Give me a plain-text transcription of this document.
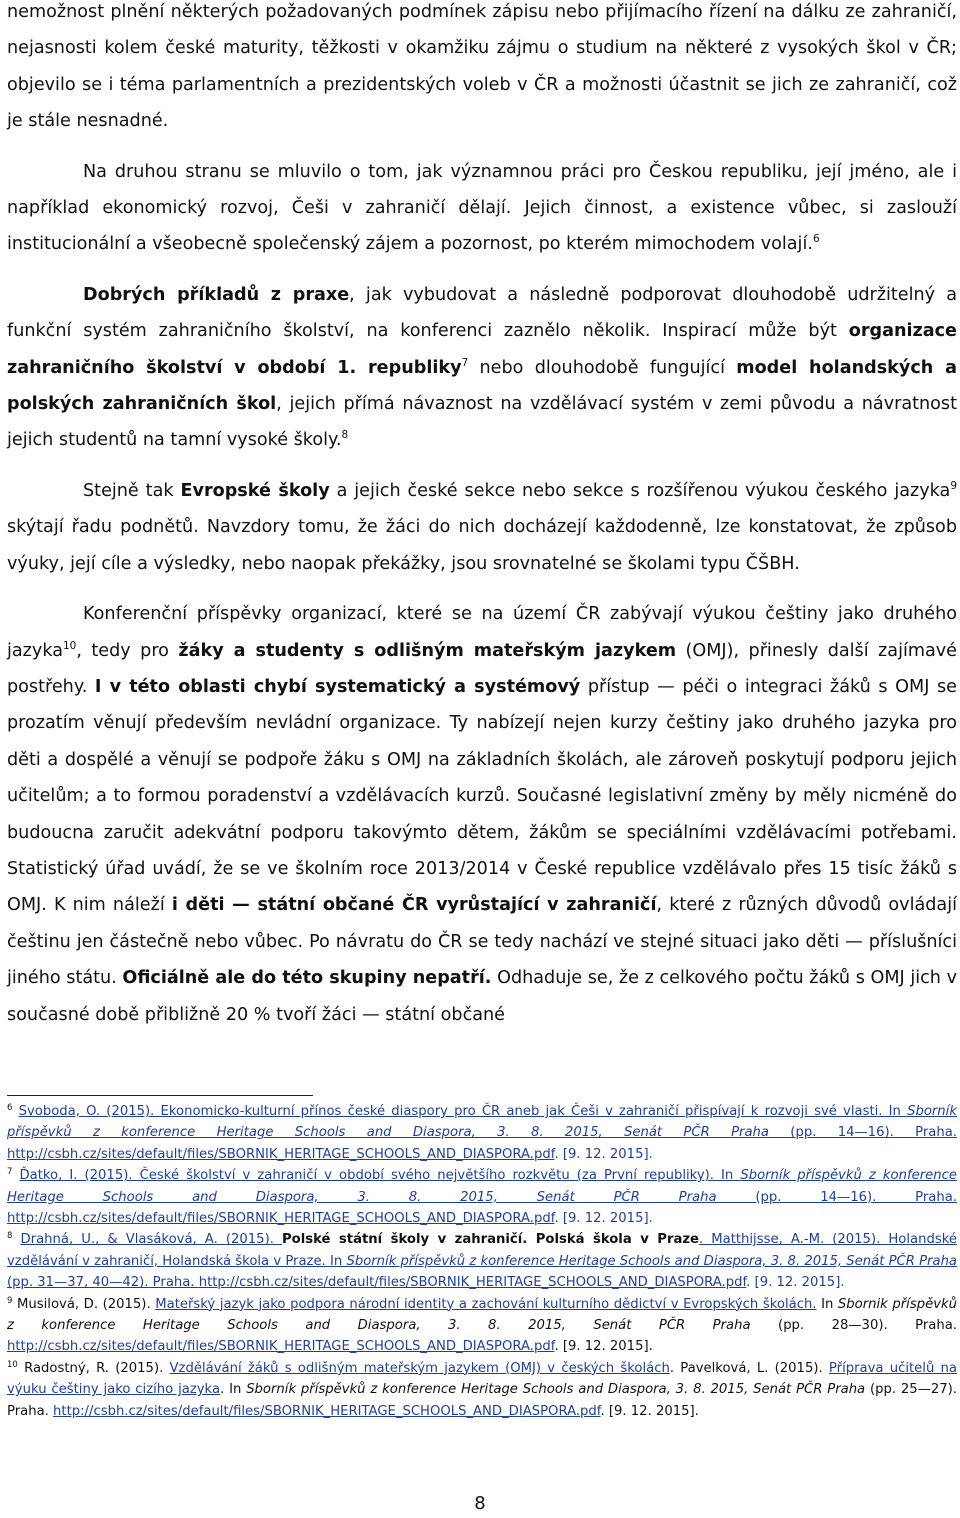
nemožnost plnění některých požadovaných podmínek zápisu nebo přijímacího řízení na dálku ze zahraničí, nejasnosti kolem české maturity, těžkosti v okamžiku zájmu o studium na některé z vysokých škol v ČR; objevilo se i téma parlamentních a prezidentských voleb v ČR a možnosti účastnit se jich ze zahraničí, což je stále nesnadné.

Na druhou stranu se mluvilo o tom, jak významnou práci pro Českou republiku, její jméno, ale i například ekonomický rozvoj, Češi v zahraničí dělají. Jejich činnost, a existence vůbec, si zaslouží institucionální a všeobecně společenský zájem a pozornost, po kterém mimochodem volají.$^6$

Dobrých příkladů z praxe, jak vybudovat a následně podporovat dlouhodobě udržitelný a funkční systém zahraničního školství, na konferenci zaznělo několik. Inspirací může být organizace zahraničního školství v období 1. republiky$^7$ nebo dlouhodobě fungující model holandských a polských zahraničních škol, jejich přímá návaznost na vzdělávací systém v zemi původu a návratnost jejich studentů na tamní vysoké školy.$^8$

Stejně tak Evropské školy a jejich české sekce nebo sekce s rozšířenou výukou českého jazyka$^9$ skýtají řadu podnětů. Navzdory tomu, že žáci do nich docházejí každodenně, lze konstatovat, že způsob výuky, její cíle a výsledky, nebo naopak překážky, jsou srovnatelné se školami typu ČŠBH.

Konferenční příspěvky organizací, které se na území ČR zabývají výukou češtiny jako druhého jazyka$^{10}$, tedy pro žáky a studenty s odlišným mateřským jazykem (OMJ), přinesly další zajímavé postřehy. I v této oblasti chybí systematický a systémový přístup — péči o integraci žáků s OMJ se prozatím věnují především nevládní organizace. Ty nabízejí nejen kurzy češtiny jako druhého jazyka pro děti a dospělé a věnují se podpoře žáku s OMJ na základních školách, ale zároveň poskytují podporu jejich učitelům; a to formou poradenství a vzdělávacích kurzů. Současné legislativní změny by měly nicméně do budoucna zaručit adekvátní podporu takovýmto dětem, žákům se speciálními vzdělávacími potřebami. Statistický úřad uvádí, že se ve školním roce 2013/2014 v České republice vzdělávalo přes 15 tisíc žáků s OMJ. K nim náleží i děti — státní občané ČR vyrůstající v zahraničí, které z různých důvodů ovládají češtinu jen částečně nebo vůbec. Po návratu do ČR se tedy nachází ve stejné situaci jako děti — příslušníci jiného státu. Oficiálně ale do této skupiny nepatří. Odhaduje se, že z celkového počtu žáků s OMJ jich v současné době přibližně 20 % tvoří žáci — státní občané

$^6$ Svoboda, O. (2015). Ekonomicko-kulturní přínos české diaspory pro ČR aneb jak Češi v zahraničí přispívají k rozvoji své vlasti. In Sborník příspěvků z konference Heritage Schools and Diaspora, 3. 8. 2015, Senát PČR Praha (pp. 14—16). Praha. http://csbh.cz/sites/default/files/SBORNIK_HERITAGE_SCHOOLS_AND_DIASPORA.pdf. [9. 12. 2015].

$^7$ Ďatko, I. (2015). České školství v zahraničí v období svého největšího rozkvětu (za První republiky). In Sborník příspěvků z konference Heritage Schools and Diaspora, 3. 8. 2015, Senát PČR Praha (pp. 14—16). Praha. http://csbh.cz/sites/default/files/SBORNIK_HERITAGE_SCHOOLS_AND_DIASPORA.pdf. [9. 12. 2015].

$^8$ Drahná, U., & Vlasáková, A. (2015). Polské státní školy v zahraničí. Polská škola v Praze. Matthijsse, A.-M. (2015). Holandské vzdělávání v zahraničí, Holandská škola v Praze. In Sborník příspěvků z konference Heritage Schools and Diaspora, 3. 8. 2015, Senát PČR Praha (pp. 31—37, 40—42). Praha. http://csbh.cz/sites/default/files/SBORNIK_HERITAGE_SCHOOLS_AND_DIASPORA.pdf. [9. 12. 2015].

$^9$ Musilová, D. (2015). Mateřský jazyk jako podpora národní identity a zachování kulturního dědictví v Evropských školách. In Sbornik příspěvků z konference Heritage Schools and Diaspora, 3. 8. 2015, Senát PČR Praha (pp. 28—30). Praha. http://csbh.cz/sites/default/files/SBORNIK_HERITAGE_SCHOOLS_AND_DIASPORA.pdf. [9. 12. 2015].

$^{10}$ Radostný, R. (2015). Vzdělávání žáků s odlišným mateřským jazykem (OMJ) v českých školách. Pavelková, L. (2015). Příprava učitelů na výuku češtiny jako cizího jazyka. In Sborník příspěvků z konference Heritage Schools and Diaspora, 3. 8. 2015, Senát PČR Praha (pp. 25—27). Praha. http://csbh.cz/sites/default/files/SBORNIK_HERITAGE_SCHOOLS_AND_DIASPORA.pdf. [9. 12. 2015].

8
